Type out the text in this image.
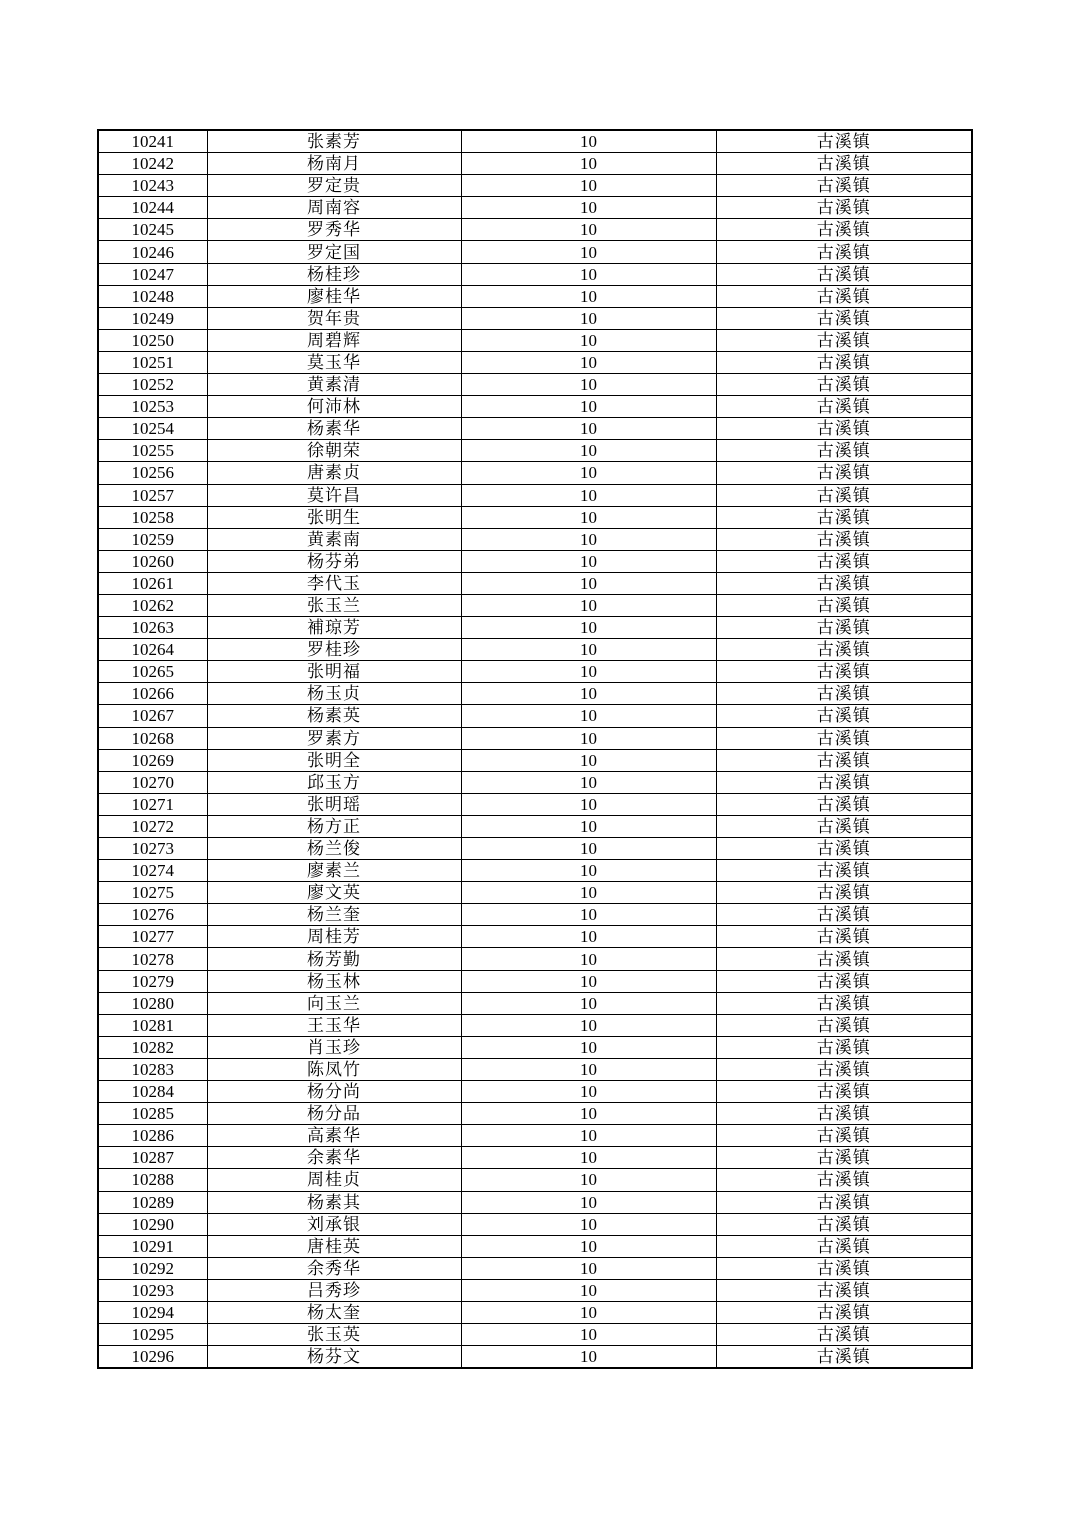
10241	张素芳	10	古溪镇
10242	杨南月	10	古溪镇
10243	罗定贵	10	古溪镇
10244	周南容	10	古溪镇
10245	罗秀华	10	古溪镇
10246	罗定国	10	古溪镇
10247	杨桂珍	10	古溪镇
10248	廖桂华	10	古溪镇
10249	贺年贵	10	古溪镇
10250	周碧辉	10	古溪镇
10251	莫玉华	10	古溪镇
10252	黄素清	10	古溪镇
10253	何沛林	10	古溪镇
10254	杨素华	10	古溪镇
10255	徐朝荣	10	古溪镇
10256	唐素贞	10	古溪镇
10257	莫许昌	10	古溪镇
10258	张明生	10	古溪镇
10259	黄素南	10	古溪镇
10260	杨芬弟	10	古溪镇
10261	李代玉	10	古溪镇
10262	张玉兰	10	古溪镇
10263	補琼芳	10	古溪镇
10264	罗桂珍	10	古溪镇
10265	张明福	10	古溪镇
10266	杨玉贞	10	古溪镇
10267	杨素英	10	古溪镇
10268	罗素方	10	古溪镇
10269	张明全	10	古溪镇
10270	邱玉方	10	古溪镇
10271	张明瑶	10	古溪镇
10272	杨方正	10	古溪镇
10273	杨兰俊	10	古溪镇
10274	廖素兰	10	古溪镇
10275	廖文英	10	古溪镇
10276	杨兰奎	10	古溪镇
10277	周桂芳	10	古溪镇
10278	杨芳勤	10	古溪镇
10279	杨玉林	10	古溪镇
10280	向玉兰	10	古溪镇
10281	王玉华	10	古溪镇
10282	肖玉珍	10	古溪镇
10283	陈凤竹	10	古溪镇
10284	杨分尚	10	古溪镇
10285	杨分品	10	古溪镇
10286	高素华	10	古溪镇
10287	余素华	10	古溪镇
10288	周桂贞	10	古溪镇
10289	杨素其	10	古溪镇
10290	刘承银	10	古溪镇
10291	唐桂英	10	古溪镇
10292	余秀华	10	古溪镇
10293	吕秀珍	10	古溪镇
10294	杨太奎	10	古溪镇
10295	张玉英	10	古溪镇
10296	杨芬文	10	古溪镇
